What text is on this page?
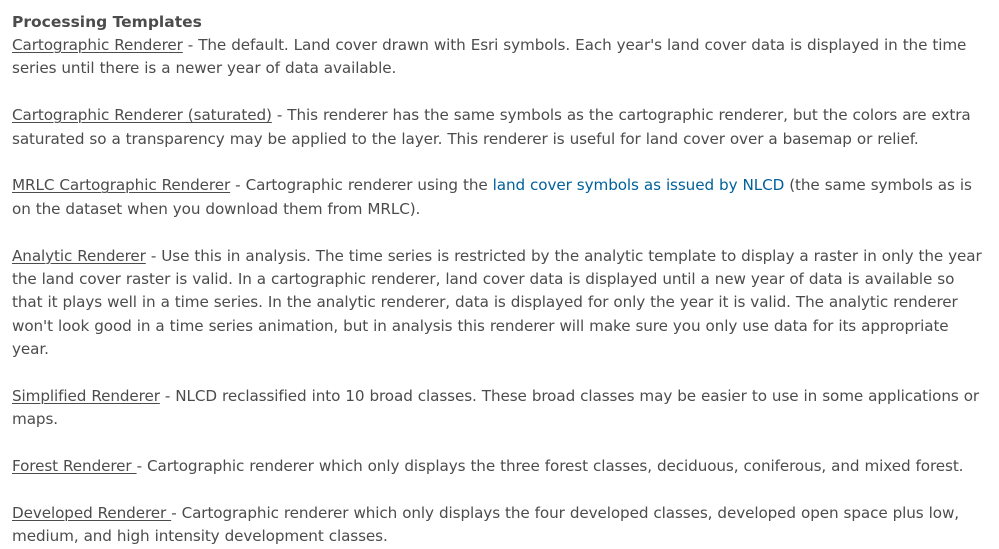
Processing Templates

Cartographic Renderer - The default. Land cover drawn with Esri symbols. Each year's land cover data is displayed in the time series until there is a newer year of data available.

Cartographic Renderer (saturated) - This renderer has the same symbols as the cartographic renderer, but the colors are extra saturated so a transparency may be applied to the layer. This renderer is useful for land cover over a basemap or relief.

MRLC Cartographic Renderer - Cartographic renderer using the land cover symbols as issued by NLCD (the same symbols as is on the dataset when you download them from MRLC).

Analytic Renderer - Use this in analysis. The time series is restricted by the analytic template to display a raster in only the year the land cover raster is valid. In a cartographic renderer, land cover data is displayed until a new year of data is available so that it plays well in a time series. In the analytic renderer, data is displayed for only the year it is valid. The analytic renderer won't look good in a time series animation, but in analysis this renderer will make sure you only use data for its appropriate year.

Simplified Renderer - NLCD reclassified into 10 broad classes. These broad classes may be easier to use in some applications or maps.

Forest Renderer - Cartographic renderer which only displays the three forest classes, deciduous, coniferous, and mixed forest.

Developed Renderer - Cartographic renderer which only displays the four developed classes, developed open space plus low, medium, and high intensity development classes.
